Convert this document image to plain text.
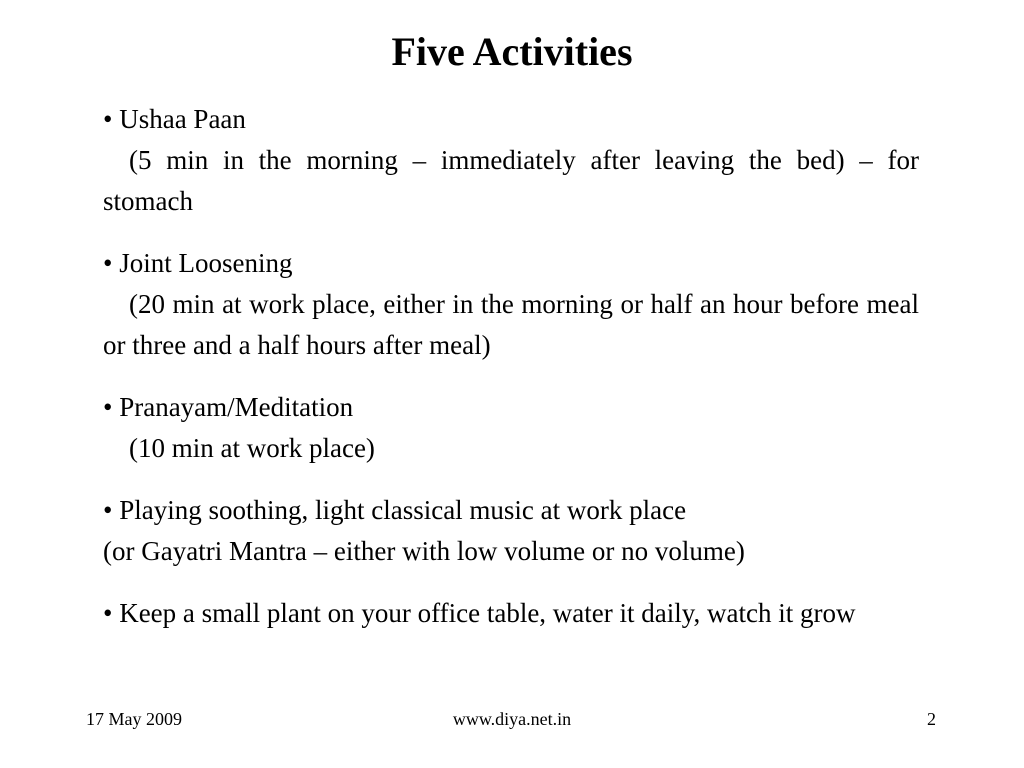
Five Activities
• Ushaa Paan
(5 min in the morning – immediately after leaving the bed) – for stomach
• Joint Loosening
(20 min at work place, either in the morning or half an hour before meal or three and a half hours after meal)
• Pranayam/Meditation
(10 min at work place)
• Playing soothing, light classical music at work place
(or Gayatri Mantra – either with low volume or no volume)
• Keep a small plant on your office table, water it daily, watch it grow
17 May 2009	www.diya.net.in	2
